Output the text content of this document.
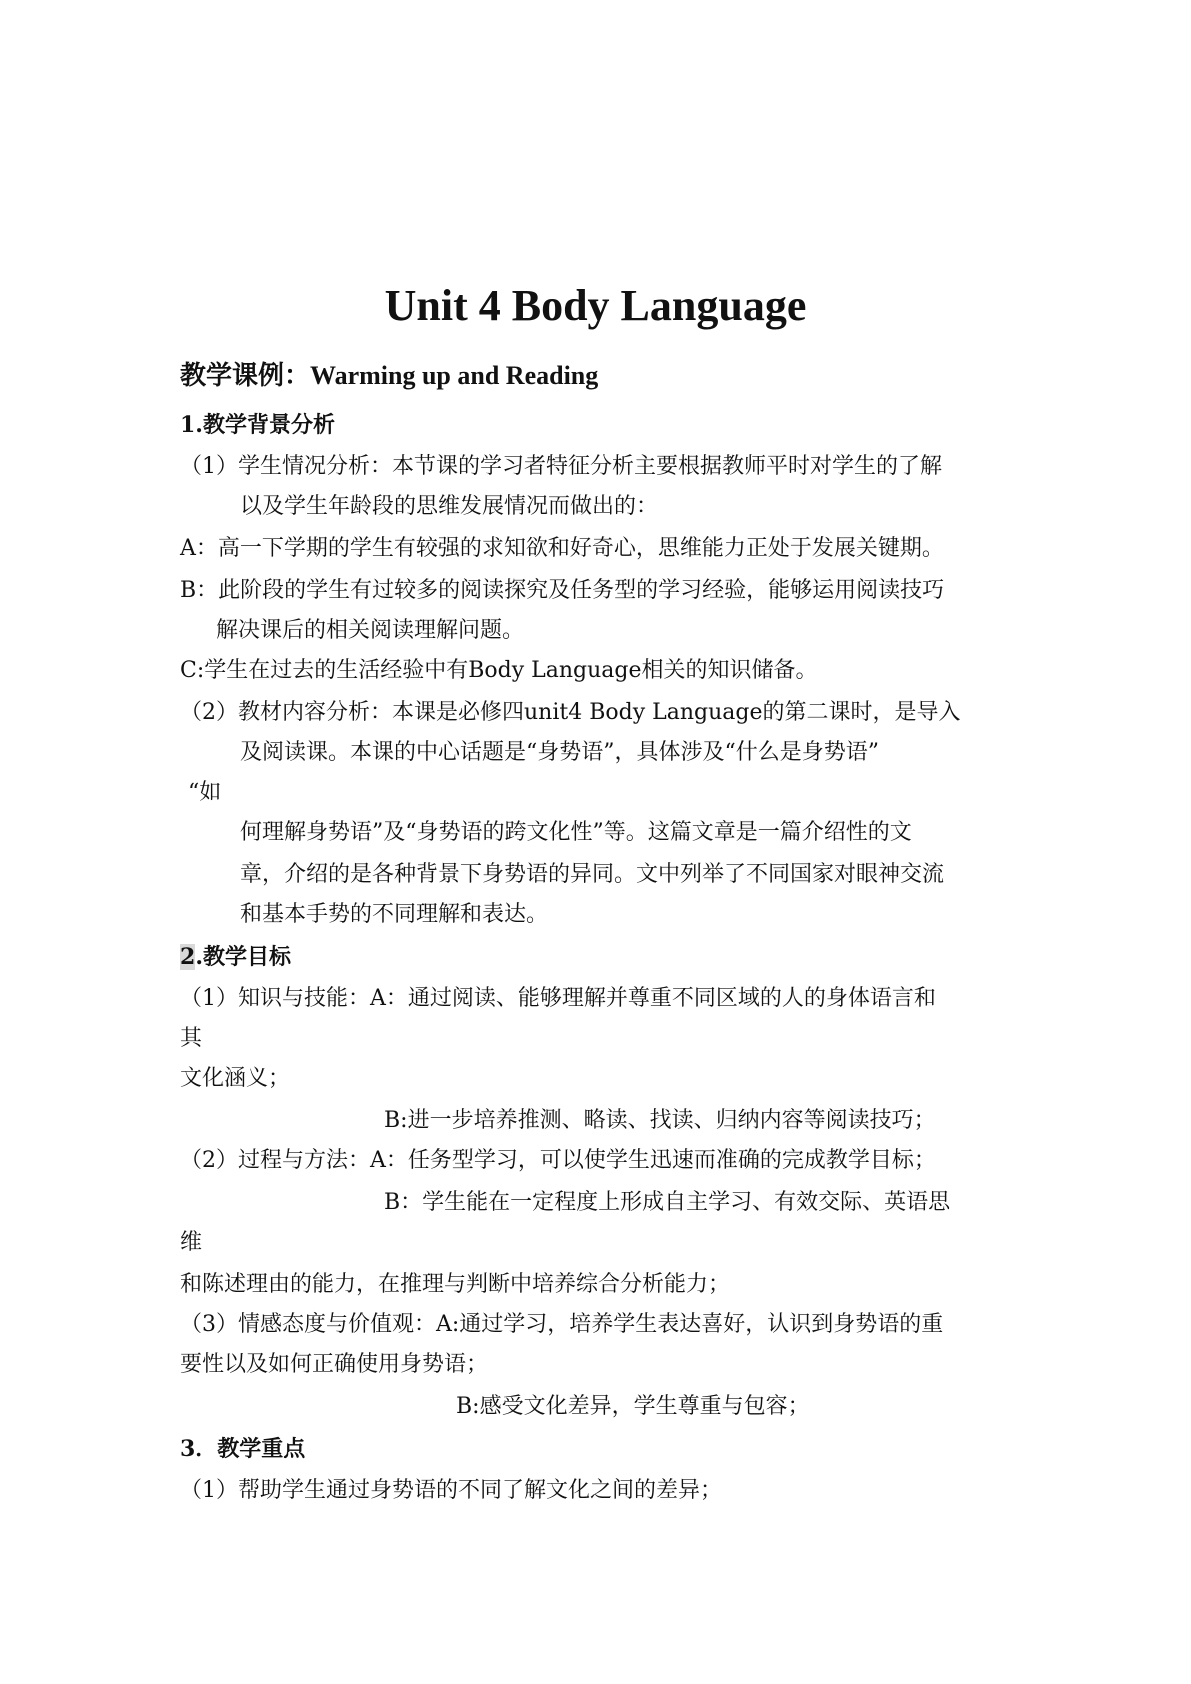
Unit 4 Body Language
教学课例：Warming up and Reading
1.教学背景分析
（1）学生情况分析：本节课的学习者特征分析主要根据教师平时对学生的了解
以及学生年龄段的思维发展情况而做出的：
A：高一下学期的学生有较强的求知欲和好奇心，思维能力正处于发展关键期。
B：此阶段的学生有过较多的阅读探究及任务型的学习经验，能够运用阅读技巧
解决课后的相关阅读理解问题。
C:学生在过去的生活经验中有Body Language相关的知识储备。
（2）教材内容分析：本课是必修四unit4 Body Language的第二课时，是导入
及阅读课。本课的中心话题是“身势语”，具体涉及“什么是身势语”
“如
何理解身势语”及“身势语的跨文化性”等。这篇文章是一篇介绍性的文
章，介绍的是各种背景下身势语的异同。文中列举了不同国家对眼神交流
和基本手势的不同理解和表达。
2.教学目标
（1）知识与技能：A：通过阅读、能够理解并尊重不同区域的人的身体语言和
其
文化涵义；
B:进一步培养推测、略读、找读、归纳内容等阅读技巧；
（2）过程与方法：A：任务型学习，可以使学生迅速而准确的完成教学目标；
B：学生能在一定程度上形成自主学习、有效交际、英语思
维
和陈述理由的能力，在推理与判断中培养综合分析能力；
（3）情感态度与价值观：A:通过学习，培养学生表达喜好，认识到身势语的重
要性以及如何正确使用身势语；
B:感受文化差异，学生尊重与包容；
3．教学重点
（1）帮助学生通过身势语的不同了解文化之间的差异；
